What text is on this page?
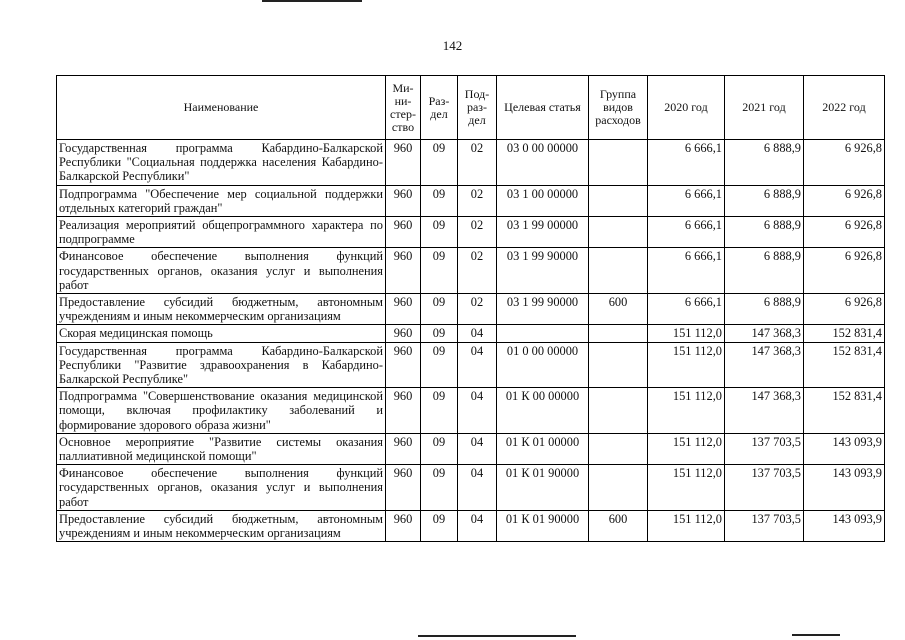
142
Наименование	Ми-ни-стер-ство	Раз-дел	Под-раз-дел	Целевая статья	Группа видов расходов	2020 год	2021 год	2022 год
Государственная программа Кабардино-Балкарской Республики "Социальная поддержка населения Кабардино-Балкарской Республики"	960	09	02	03 0 00 00000		6 666,1	6 888,9	6 926,8
Подпрограмма "Обеспечение мер социальной поддержки отдельных категорий граждан"	960	09	02	03 1 00 00000		6 666,1	6 888,9	6 926,8
Реализация мероприятий общепрограммного характера по подпрограмме	960	09	02	03 1 99 00000		6 666,1	6 888,9	6 926,8
Финансовое обеспечение выполнения функций государственных органов, оказания услуг и выполнения работ	960	09	02	03 1 99 90000		6 666,1	6 888,9	6 926,8
Предоставление субсидий бюджетным, автономным учреждениям и иным некоммерческим организациям	960	09	02	03 1 99 90000	600	6 666,1	6 888,9	6 926,8
Скорая медицинская помощь	960	09	04			151 112,0	147 368,3	152 831,4
Государственная программа Кабардино-Балкарской Республики "Развитие здравоохранения в Кабардино-Балкарской Республике"	960	09	04	01 0 00 00000		151 112,0	147 368,3	152 831,4
Подпрограмма "Совершенствование оказания медицинской помощи, включая профилактику заболеваний и формирование здорового образа жизни"	960	09	04	01 К 00 00000		151 112,0	147 368,3	152 831,4
Основное мероприятие "Развитие системы оказания паллиативной медицинской помощи"	960	09	04	01 К 01 00000		151 112,0	137 703,5	143 093,9
Финансовое обеспечение выполнения функций государственных органов, оказания услуг и выполнения работ	960	09	04	01 К 01 90000		151 112,0	137 703,5	143 093,9
Предоставление субсидий бюджетным, автономным учреждениям и иным некоммерческим организациям	960	09	04	01 К 01 90000	600	151 112,0	137 703,5	143 093,9
